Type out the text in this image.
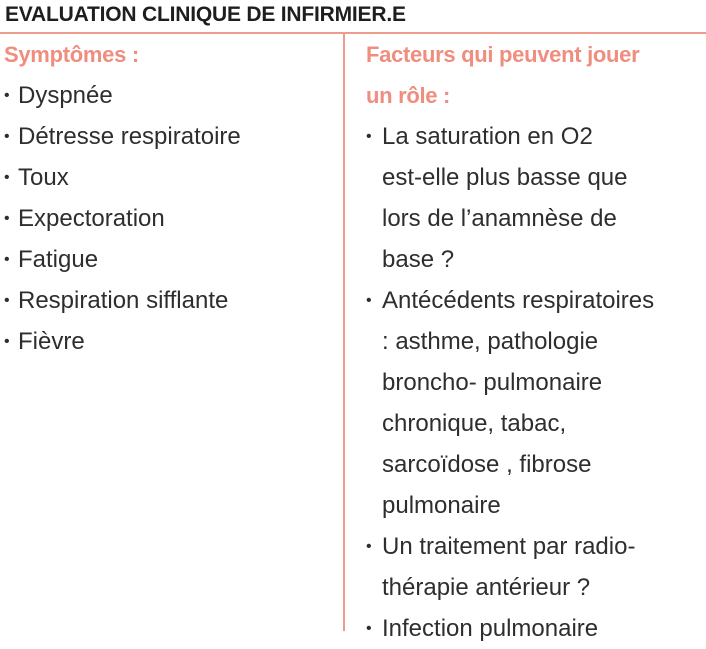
EVALUATION CLINIQUE DE INFIRMIER.E
Symptômes :
• Dyspnée
• Détresse respiratoire
• Toux
• Expectoration
• Fatigue
• Respiration sifflante
• Fièvre
Facteurs qui peuvent jouer
un rôle :
• La saturation en O2
est-elle plus basse que
lors de l’anamnèse de
base ?
• Antécédents respiratoires
: asthme, pathologie
broncho- pulmonaire
chronique, tabac,
sarcoïdose , fibrose
pulmonaire
• Un traitement par radio-
thérapie antérieur ?
• Infection pulmonaire
